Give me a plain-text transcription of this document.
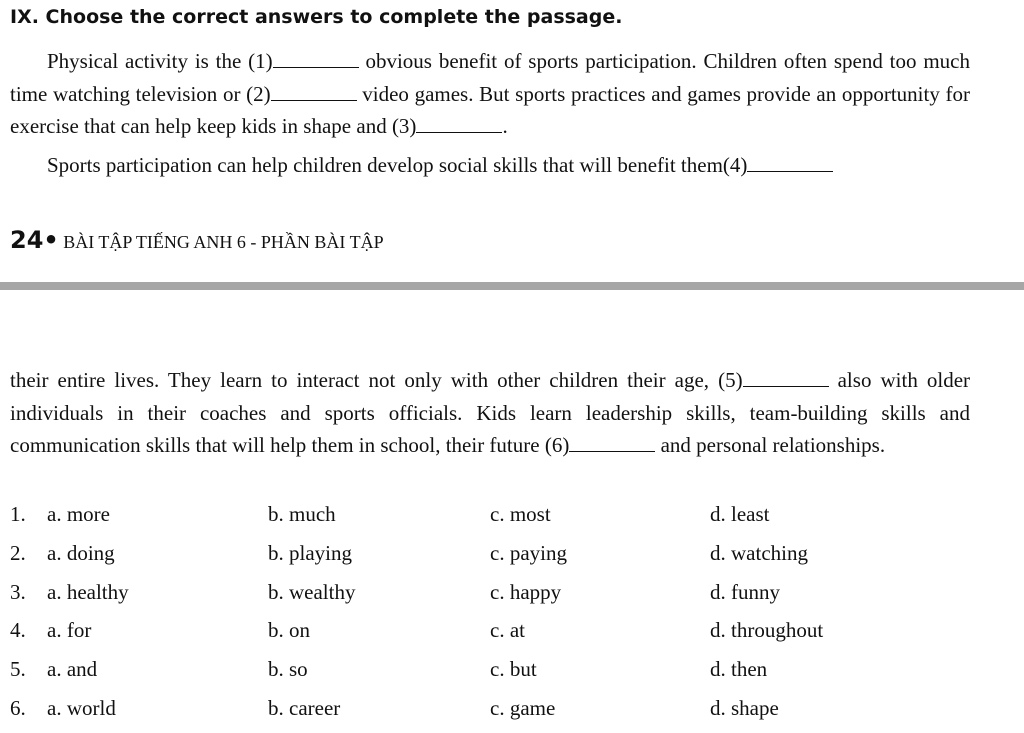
IX. Choose the correct answers to complete the passage.
Physical activity is the (1)	obvious benefit of sports participation. Children often spend too much time watching television or (2)	video games. But sports practices and games provide an opportunity for exercise that can help keep kids in shape and (3)	.
Sports participation can help children develop social skills that will benefit them(4)
24• BÀI TẬP TIẾNG ANH 6 - PHẦN BÀI TẬP
their entire lives. They learn to interact not only with other children their age, (5)	also with older individuals in their coaches and sports officials. Kids learn leadership skills, team-building skills and communication skills that will help them in school, their future (6)	and personal relationships.
1. a. more	b. much	c. most	d. least
2. a. doing	b. playing	c. paying	d. watching
3. a. healthy	b. wealthy	c. happy	d. funny
4. a. for	b. on	c. at	d. throughout
5. a. and	b. so	c. but	d. then
6. a. world	b. career	c. game	d. shape
